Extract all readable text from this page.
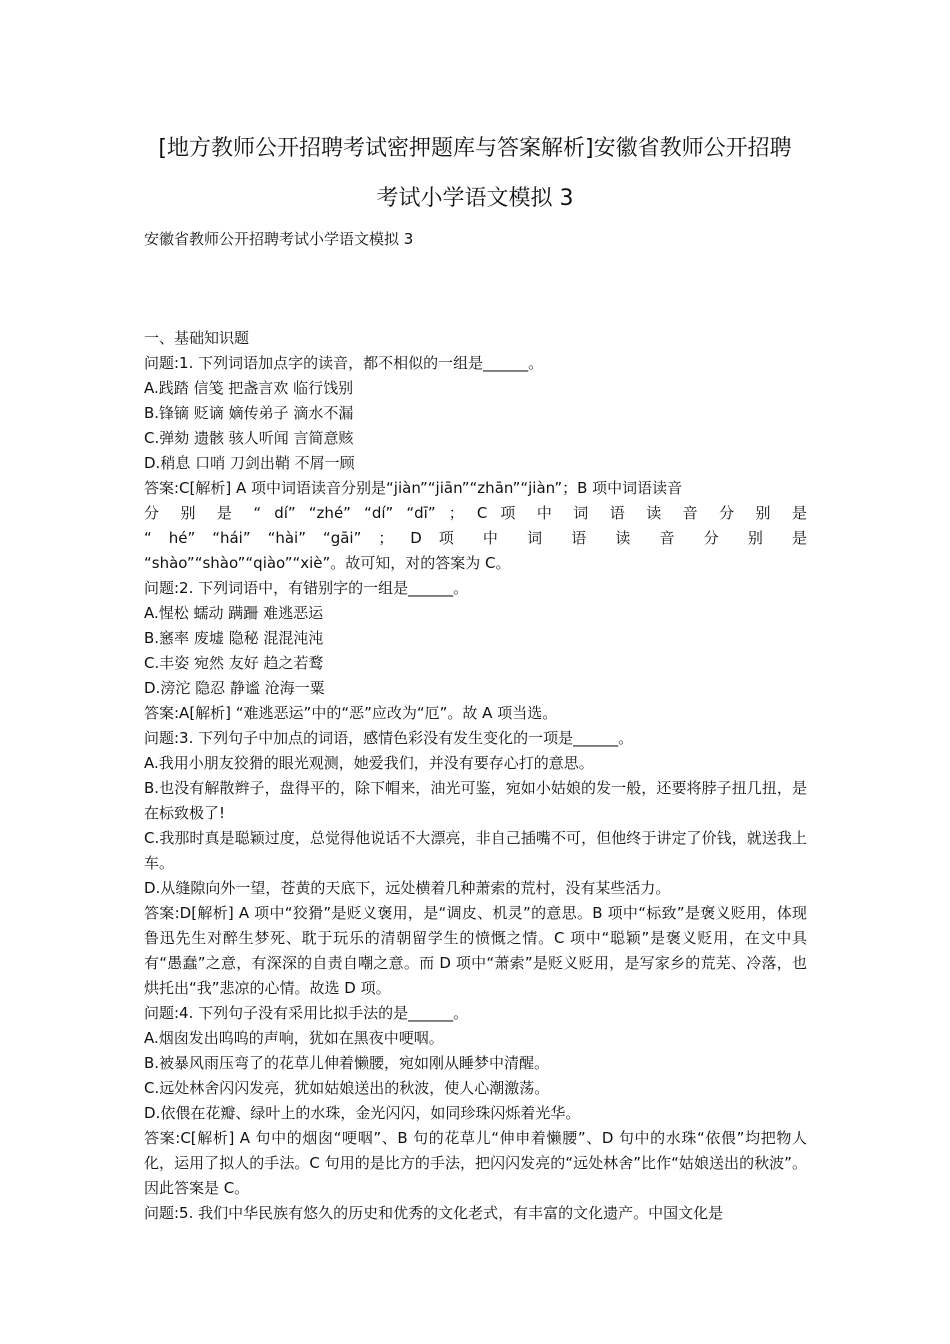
[地方教师公开招聘考试密押题库与答案解析]安徽省教师公开招聘
考试小学语文模拟 3
安徽省教师公开招聘考试小学语文模拟 3

一、基础知识题

问题:1. 下列词语加点字的读音，都不相似的一组是______。

A.践踏 信笺 把盏言欢 临行饯别

B.锋镝 贬谪 嫡传弟子 滴水不漏

C.弹劾 遗骸 骇人听闻 言简意赅

D.稍息 口哨 刀剑出鞘 不屑一顾

答案:C[解析] A 项中词语读音分别是“jiàn”“jiān”“zhān”“jiàn”；B 项中词语读音

分 别 是 “ dí” “zhé” “dí” “dī” ； C 项 中 词 语 读 音 分 别 是

“ hé” “hái” “hài” “gāi” ； D 项 中 词 语 读 音 分 别 是

“shào”“shào”“qiào”“xiè”。故可知，对的答案为 C。

问题:2. 下列词语中，有错别字的一组是______。

A.惺松 蠕动 蹒跚 难逃恶运

B.窸率 废墟 隐秘 混混沌沌

C.丰姿 宛然 友好 趋之若鹜

D.滂沱 隐忍 静谧 沧海一粟

答案:A[解析] “难逃恶运”中的“恶”应改为“厄”。故 A 项当选。

问题:3. 下列句子中加点的词语，感情色彩没有发生变化的一项是______。

A.我用小朋友狡猾的眼光观测，她爱我们，并没有要存心打的意思。

B.也没有解散辫子，盘得平的，除下帽来，油光可鉴，宛如小姑娘的发一般，还要将脖子扭几扭，是在标致极了!

C.我那时真是聪颖过度，总觉得他说话不大漂亮，非自己插嘴不可，但他终于讲定了价钱，就送我上车。

D.从缝隙向外一望，苍黄的天底下，远处横着几种萧索的荒村，没有某些活力。

答案:D[解析] A 项中“狡猾”是贬义褒用，是“调皮、机灵”的意思。B 项中“标致”是褒义贬用，体现鲁迅先生对醉生梦死、耽于玩乐的清朝留学生的愤慨之情。C 项中“聪颖”是褒义贬用，在文中具有“愚蠢”之意，有深深的自责自嘲之意。而 D 项中“萧索”是贬义贬用，是写家乡的荒芜、冷落，也烘托出“我”悲凉的心情。故选 D 项。

问题:4. 下列句子没有采用比拟手法的是______。

A.烟囱发出呜呜的声响，犹如在黑夜中哽咽。

B.被暴风雨压弯了的花草儿伸着懒腰，宛如刚从睡梦中清醒。

C.远处林舍闪闪发亮，犹如姑娘送出的秋波，使人心潮激荡。

D.依偎在花瓣、绿叶上的水珠，金光闪闪，如同珍珠闪烁着光华。

答案:C[解析] A 句中的烟囱“哽咽”、B 句的花草儿“伸申着懒腰”、D 句中的水珠“依偎”均把物人化，运用了拟人的手法。C 句用的是比方的手法，把闪闪发亮的“远处林舍”比作“姑娘送出的秋波”。因此答案是 C。

问题:5. 我们中华民族有悠久的历史和优秀的文化老式，有丰富的文化遗产。中国文化是
